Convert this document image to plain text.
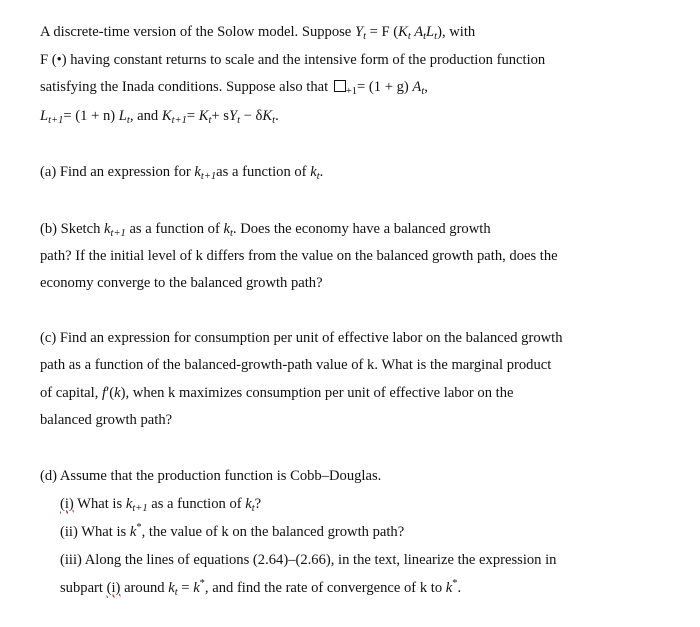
A discrete-time version of the Solow model. Suppose $Y_t = F$ ($K_t$ $A_tL_t$), with
F (•) having constant returns to scale and the intensive form of the production function
satisfying the Inada conditions. Suppose also that $_{+1}$= (1 + g) $A_t$,
$L_{t+1}= (1 + n)$ $L_t$, and $K_{t+1}= K_t+ sY_t - \delta K_t$.
(a) Find an expression for $k_{t+1}as$ a function of $k_t$.
(b) Sketch $k_{t+1}$ as a function of $k_t$. Does the economy have a balanced growth
path? If the initial level of k differs from the value on the balanced growth path, does the
economy converge to the balanced growth path?
(c) Find an expression for consumption per unit of effective labor on the balanced growth
path as a function of the balanced-growth-path value of k. What is the marginal product
of capital, f′(k), when k maximizes consumption per unit of effective labor on the
balanced growth path?
(d) Assume that the production function is Cobb–Douglas.
(i) What is $k_{t+1}$ as a function of $k_t$?
(ii) What is k*, the value of k on the balanced growth path?
(iii) Along the lines of equations (2.64)–(2.66), in the text, linearize the expression in
subpart (i) around $k_t = k^*$, and find the rate of convergence of k to k*.
